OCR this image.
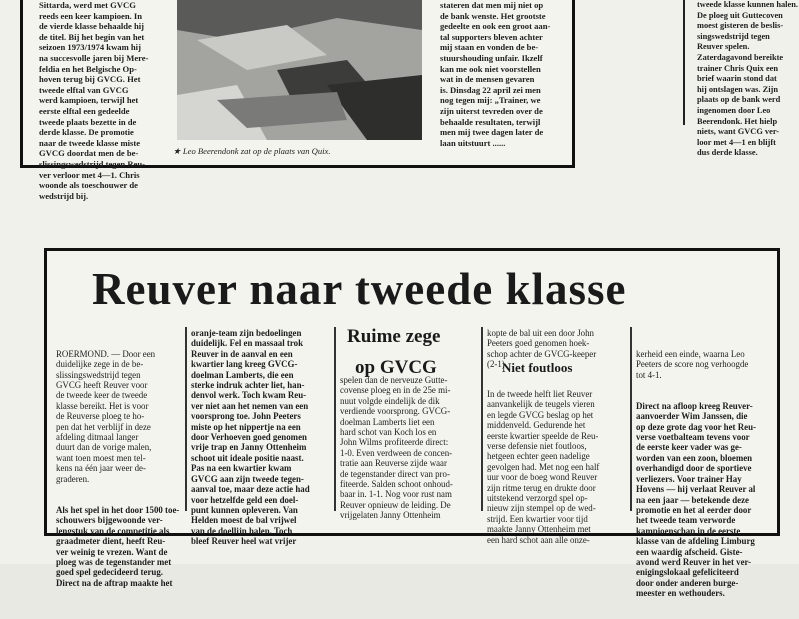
Sittarda, werd met GVCG
reeds een keer kampioen. In
de vierde klasse behaalde hij
de titel. Bij het begin van het
seizoen 1973/1974 kwam hij
na succesvolle jaren bij Mere-
feldia en het Belgische Op-
hoven terug bij GVCG. Het
tweede elftal van GVCG
werd kampioen, terwijl het
eerste elftal een gedeelde
tweede plaats bezette in de
derde klasse. De promotie
naar de tweede klasse miste
GVCG doordat men de be-
slissingswedstrijd tegen Reu-
ver verloor met 4—1. Chris
woonde als toeschouwer de
wedstrijd bij.
stateren dat men mij niet op
de bank wenste. Het grootste
gedeelte en ook een groot aan-
tal supporters bleven achter
mij staan en vonden de be-
stuurshouding unfair. Ikzelf
kan me ook niet voorstellen
wat in de mensen gevaren
is. Dinsdag 22 april zei men
nog tegen mij: „Trainer, we
zijn uiterst tevreden over de
behaalde resultaten, terwijl
men mij twee dagen later de
laan uitstuurt ......
★ Leo Beerendonk zat op de plaats van Quix.
tweede klasse kunnen halen.
De ploeg uit Guttecoven
moest gisteren de beslis-
singswedstrijd tegen
Reuver spelen.
Zaterdagavond bereikte
trainer Chris Quix een
brief waarin stond dat
hij ontslagen was. Zijn
plaats op de bank werd
ingenomen door Leo
Beerendonk. Het hielp
niets, want GVCG ver-
loor met 4—1 en blijft
dus derde klasse.
Reuver naar tweede klasse

ROERMOND. — Door een
duidelijke zege in de be-
slissingswedstrijd tegen
GVCG heeft Reuver voor
de tweede keer de tweede
klasse bereikt. Het is voor
de Reuverse ploeg te ho-
pen dat het verblijf in deze
afdeling ditmaal langer
duurt dan de vorige malen,
want toen moest men tel-
kens na één jaar weer de-
graderen.

Als het spel in het door 1500 toe-
schouwers bijgewoonde ver-
lengstuk van de competitie als
graadmeter dient, heeft Reu-
ver weinig te vrezen. Want de
ploeg was de tegenstander met
goed spel gedecideerd terug.
Direct na de aftrap maakte het

oranje-team zijn bedoelingen
duidelijk. Fel en massaal trok
Reuver in de aanval en een
kwartier lang kreeg GVCG-
doelman Lamberts, die een
sterke indruk achter liet, han-
denvol werk. Toch kwam Reu-
ver niet aan het nemen van een
voorsprong toe. John Peeters
miste op het nippertje na een
door Verhoeven goed genomen
vrije trap en Janny Ottenheim
schoot uit ideale positie naast.
Pas na een kwartier kwam
GVCG aan zijn tweede tegen-
aanval toe, maar deze actie had
voor hetzelfde geld een doel-
punt kunnen opleveren. Van
Helden moest de bal vrijwel
van de doellijn halen. Toch
bleef Reuver heel wat vrijer
Ruime zege
op GVCG
spelen dan de nerveuze Gutte-
covense ploeg en in de 25e mi-
nuut volgde eindelijk de dik
verdiende voorsprong. GVCG-
doelman Lamberts liet een
hard schot van Koch los en
John Wilms profiteerde direct:
1-0. Even verdween de concen-
tratie aan Reuverse zijde waar
de tegenstander direct van pro-
fiteerde. Salden schoot onhoud-
baar in. 1-1. Nog voor rust nam
Reuver opnieuw de leiding. De
vrijgelaten Janny Ottenheim
kopte de bal uit een door John
Peeters goed genomen hoek-
schop achter de GVCG-keeper
(2-1).
Niet foutloos
In de tweede helft liet Reuver
aanvankelijk de teugels vieren
en legde GVCG beslag op het
middenveld. Gedurende het
eerste kwartier speelde de Reu-
verse defensie niet foutloos,
hetgeen echter geen nadelige
gevolgen had. Met nog een half
uur voor de boeg wond Reuver
zijn ritme terug en drukte door
uitstekend verzorgd spel op-
nieuw zijn stempel op de wed-
strijd. Een kwartier voor tijd
maakte Janny Ottenheim met
een hard schot aan alle onze-

kerheid een einde, waarna Leo
Peeters de score nog verhoogde
tot 4-1.

Direct na afloop kreeg Reuver-
aanvoerder Wim Janssen, die
op deze grote dag voor het Reu-
verse voetbalteam tevens voor
de eerste keer vader was ge-
worden van een zoon, bloemen
overhandigd door de sportieve
verliezers. Voor trainer Hay
Hovens — hij verlaat Reuver al
na een jaar — betekende deze
promotie en het al eerder door
het tweede team verworde
kampioenschap in de eerste
klasse van de afdeling Limburg
een waardig afscheid. Giste-
avond werd Reuver in het ver-
enigingslokaal gefeliciteerd
door onder anderen burge-
meester en wethouders.
